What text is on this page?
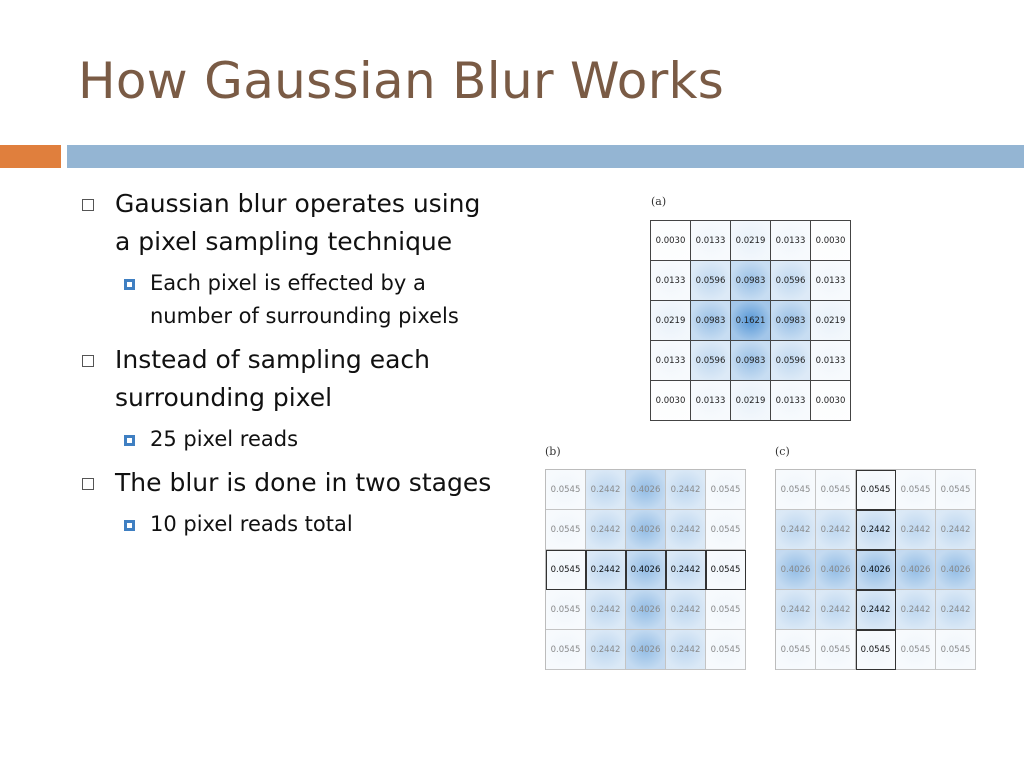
How Gaussian Blur Works
Gaussian blur operates using a pixel sampling technique
Each pixel is effected by a number of surrounding pixels
Instead of sampling each surrounding pixel
25 pixel reads
The blur is done in two stages
10 pixel reads total
(a)
0.0030	0.0133	0.0219	0.0133	0.0030
0.0133	0.0596	0.0983	0.0596	0.0133
0.0219	0.0983	0.1621	0.0983	0.0219
0.0133	0.0596	0.0983	0.0596	0.0133
0.0030	0.0133	0.0219	0.0133	0.0030
(b)
0.0545	0.2442	0.4026	0.2442	0.0545
0.0545	0.2442	0.4026	0.2442	0.0545
0.0545	0.2442	0.4026	0.2442	0.0545
0.0545	0.2442	0.4026	0.2442	0.0545
0.0545	0.2442	0.4026	0.2442	0.0545
(c)
0.0545	0.0545	0.0545	0.0545	0.0545
0.2442	0.2442	0.2442	0.2442	0.2442
0.4026	0.4026	0.4026	0.4026	0.4026
0.2442	0.2442	0.2442	0.2442	0.2442
0.0545	0.0545	0.0545	0.0545	0.0545
